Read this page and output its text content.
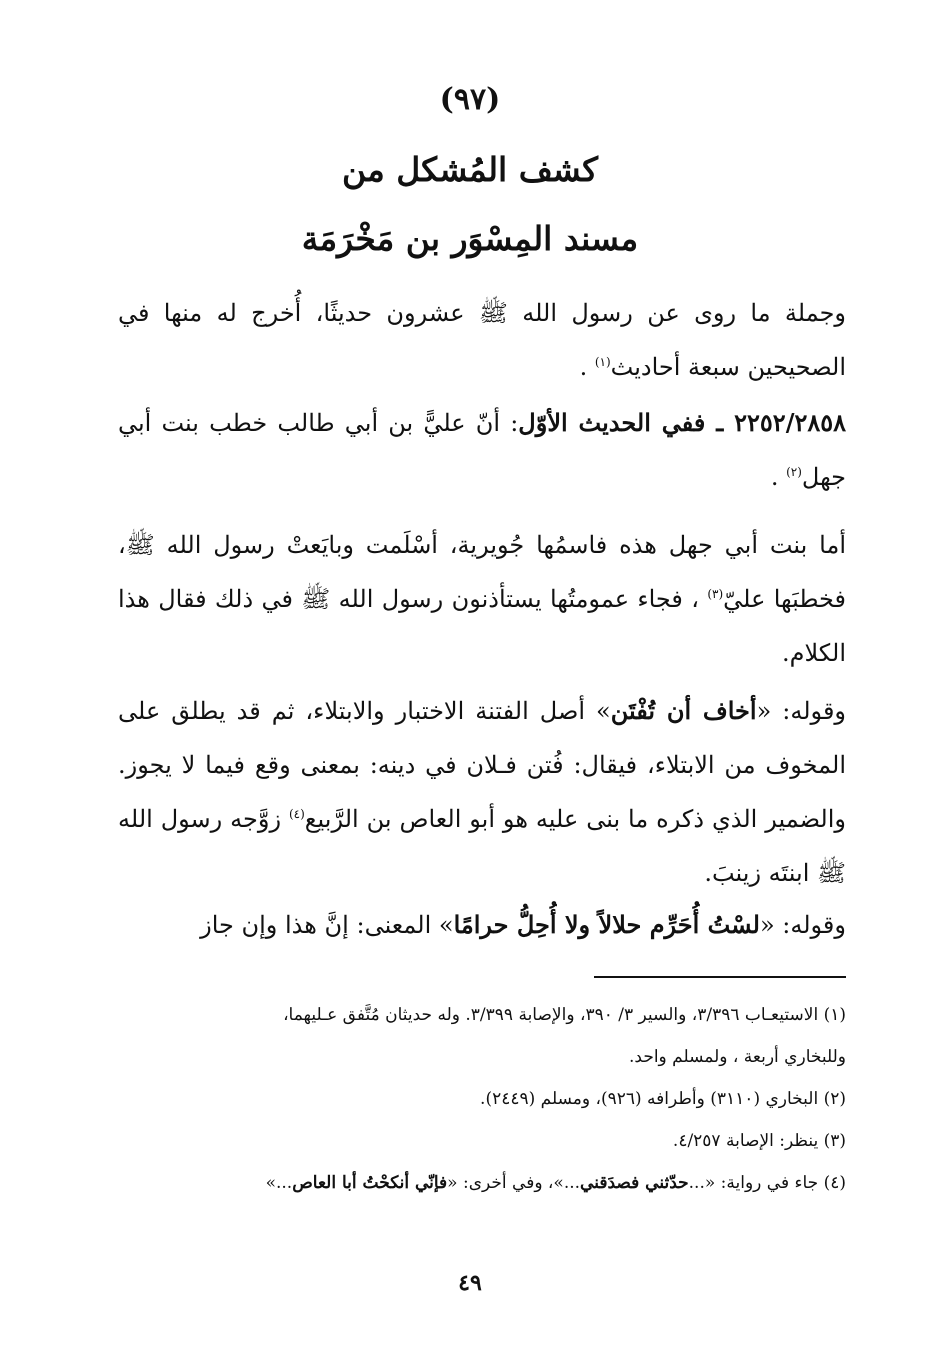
(٩٧)
كشف المُشكل من
مسند المِسْوَر بن مَخْرَمَة
وجملة ما روى عن رسول الله ﷺ عشرون حديثًا، أُخرج له منها في الصحيحين سبعة أحاديث$^{(١)}$ .
٢٢٥٢/٢٨٥٨ ـ ففي الحديث الأوّل: أنّ عليًّ بن أبي طالب خطب بنت أبي جهل$^{(٢)}$ .
أما بنت أبي جهل هذه فاسمُها جُويرية، أسْلَمت وبايَعتْ رسول الله ﷺ، فخطبَها عليّ$^{(٣)}$ ، فجاء عمومتُها يستأذنون رسول الله ﷺ في ذلك فقال هذا الكلام.
وقوله: «أخاف أن تُفْتَن» أصل الفتنة الاختبار والابتلاء، ثم قد يطلق على المخوف من الابتلاء، فيقال: فُتن فـلان في دينه: بمعنى وقع فيما لا يجوز. والضمير الذي ذكره ما بنى عليه هو أبو العاص بن الرَّبيع$^{(٤)}$ زوَّجه رسول الله ﷺ ابنتَه زينبَ.
وقوله: «لسْتُ أُحَرِّم حلالاً ولا أُحِلُّ حرامًا» المعنى: إنَّ هذا وإن جاز
(١) الاستيعـاب ٣/٣٩٦، والسير ٣/ ٣٩٠، والإصابة ٣/٣٩٩. وله حديثان مُتَّفق عـليهما،
وللبخاري أربعة ، ولمسلم واحد.
(٢) البخاري (٣١١٠) وأطرافه (٩٢٦)، ومسلم (٢٤٤٩).
(٣) ينظر: الإصابة ٤/٢٥٧.
(٤) جاء في رواية: «...حدّثني فصدَقني...»، وفي أخرى: «فإنّي أنكحْتُ أبا العاص...»
٤٩
